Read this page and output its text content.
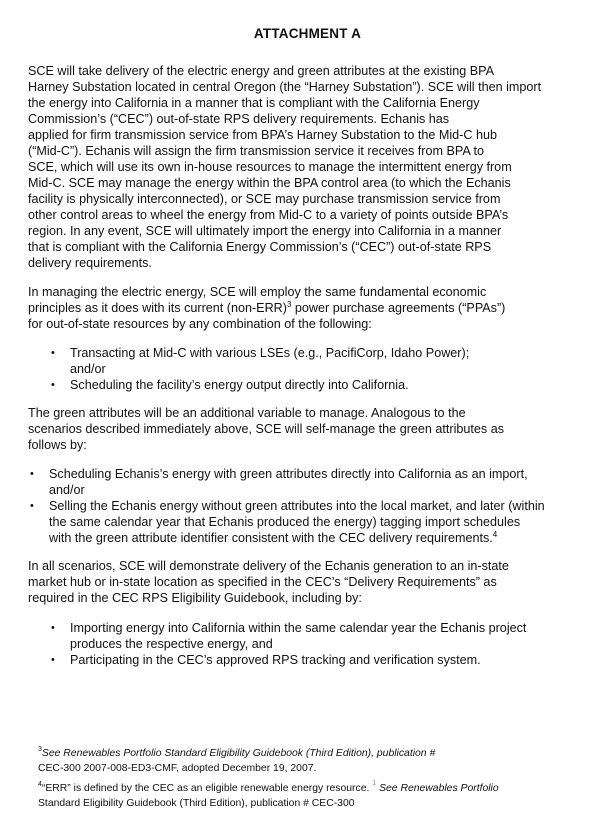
ATTACHMENT A
SCE will take delivery of the electric energy and green attributes at the existing BPA
Harney Substation located in central Oregon (the “Harney Substation”). SCE will then import
the energy into California in a manner that is compliant with the California Energy
Commission’s (“CEC”) out-of-state RPS delivery requirements. Echanis has
applied for firm transmission service from BPA’s Harney Substation to the Mid-C hub
(“Mid-C”). Echanis will assign the firm transmission service it receives from BPA to
SCE, which will use its own in-house resources to manage the intermittent energy from
Mid-C. SCE may manage the energy within the BPA control area (to which the Echanis
facility is physically interconnected), or SCE may purchase transmission service from
other control areas to wheel the energy from Mid-C to a variety of points outside BPA’s
region. In any event, SCE will ultimately import the energy into California in a manner
that is compliant with the California Energy Commission’s (“CEC”) out-of-state RPS
delivery requirements.
In managing the electric energy, SCE will employ the same fundamental economic
principles as it does with its current $(non-ERR)^3$ power purchase agreements (“PPAs”)
for out-of-state resources by any combination of the following:
• Transacting at Mid-C with various LSEs (e.g., PacifiCorp, Idaho Power);
and/or
• Scheduling the facility’s energy output directly into California.
The green attributes will be an additional variable to manage. Analogous to the
scenarios described immediately above, SCE will self-manage the green attributes as
follows by:
• Scheduling Echanis’s energy with green attributes directly into California as an import,
and/or
• Selling the Echanis energy without green attributes into the local market, and later (within
the same calendar year that Echanis produced the energy) tagging import schedules
with the green attribute identifier consistent with the CEC delivery requirements.$^4$
In all scenarios, SCE will demonstrate delivery of the Echanis generation to an in-state
market hub or in-state location as specified in the CEC’s “Delivery Requirements” as
required in the CEC RPS Eligibility Guidebook, including by:
• Importing energy into California within the same calendar year the Echanis project
produces the respective energy, and
• Participating in the CEC’s approved RPS tracking and verification system.
$^3$See Renewables Portfolio Standard Eligibility Guidebook (Third Edition), publication #
CEC-300 2007-008-ED3-CMF, adopted December 19, 2007.
$^4$“ERR” is defined by the CEC as an eligible renewable energy resource. $^1$ See Renewables Portfolio
Standard Eligibility Guidebook (Third Edition), publication # CEC-300
